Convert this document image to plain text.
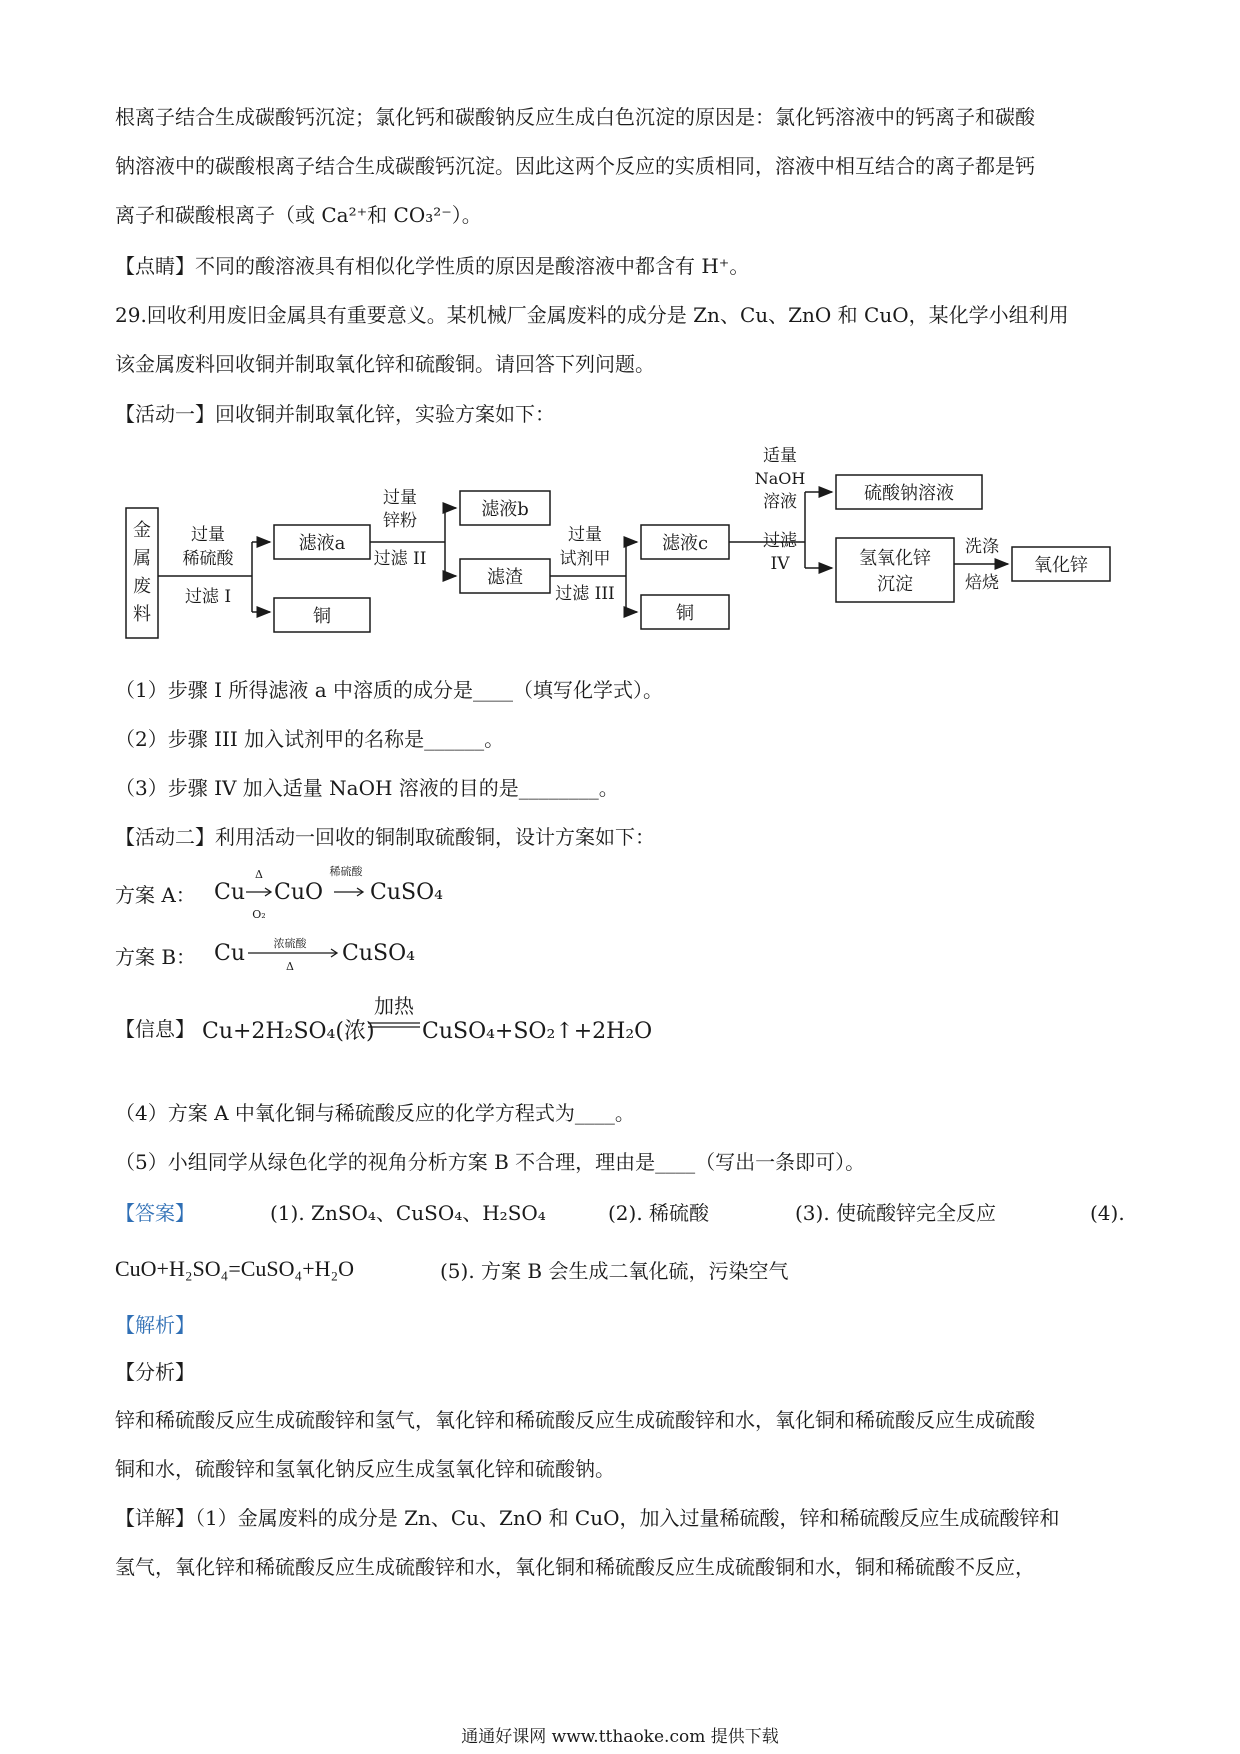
根离子结合生成碳酸钙沉淀；氯化钙和碳酸钠反应生成白色沉淀的原因是：氯化钙溶液中的钙离子和碳酸
钠溶液中的碳酸根离子结合生成碳酸钙沉淀。因此这两个反应的实质相同，溶液中相互结合的离子都是钙
离子和碳酸根离子（或 Ca²⁺和 CO₃²⁻）。
【点睛】不同的酸溶液具有相似化学性质的原因是酸溶液中都含有 H⁺。
29.回收利用废旧金属具有重要意义。某机械厂金属废料的成分是 Zn、Cu、ZnO 和 CuO，某化学小组利用
该金属废料回收铜并制取氧化锌和硫酸铜。请回答下列问题。
【活动一】回收铜并制取氧化锌，实验方案如下：
金
属
废
料
过量
稀硫酸
过滤 I
滤液a
铜
过量
锌粉
过滤 II
滤液b
滤渣
过量
试剂甲
过滤 III
滤液c
铜
适量
NaOH
溶液
过滤
IV
硫酸钠溶液
氢氧化锌
沉淀
洗涤
焙烧
氧化锌
（1）步骤 I 所得滤液 a 中溶质的成分是____（填写化学式）。
（2）步骤 III 加入试剂甲的名称是______。
（3）步骤 IV 加入适量 NaOH 溶液的目的是________。
【活动二】利用活动一回收的铜制取硫酸铜，设计方案如下：
方案 A： Cu
Δ
O₂
CuO
稀硫酸
CuSO₄
方案 B： Cu	浓硫酸
Δ
CuSO₄
【信息】 Cu+2H₂SO₄(浓)
加热
CuSO₄+SO₂↑+2H₂O
（4）方案 A 中氧化铜与稀硫酸反应的化学方程式为____。
（5）小组同学从绿色化学的视角分析方案 B 不合理，理由是____（写出一条即可）。
【答案】	(1). ZnSO₄、CuSO₄、H₂SO₄	(2). 稀硫酸	(3). 使硫酸锌完全反应	(4).
CuO+H₂SO₄=CuSO₄+H₂O	(5). 方案 B 会生成二氧化硫，污染空气
【解析】
【分析】
锌和稀硫酸反应生成硫酸锌和氢气，氧化锌和稀硫酸反应生成硫酸锌和水，氧化铜和稀硫酸反应生成硫酸
铜和水，硫酸锌和氢氧化钠反应生成氢氧化锌和硫酸钠。
【详解】（1）金属废料的成分是 Zn、Cu、ZnO 和 CuO，加入过量稀硫酸，锌和稀硫酸反应生成硫酸锌和
氢气，氧化锌和稀硫酸反应生成硫酸锌和水，氧化铜和稀硫酸反应生成硫酸铜和水，铜和稀硫酸不反应，
通通好课网 www.tthaoke.com 提供下载
